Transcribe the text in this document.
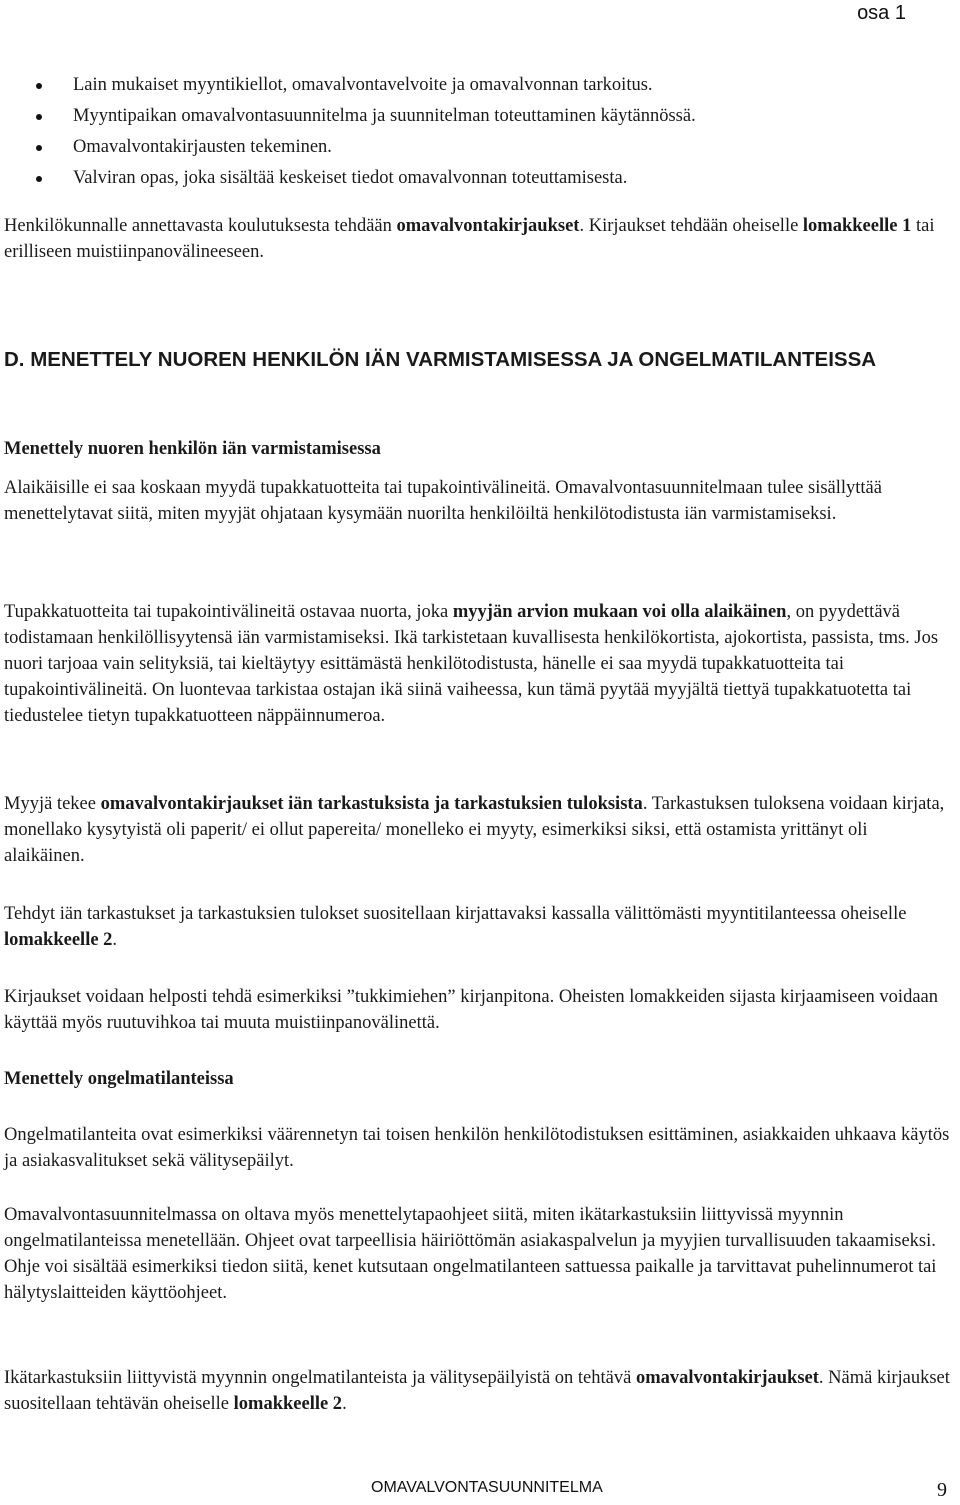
osa 1
Lain mukaiset myyntikiellot, omavalvontavelvoite ja omavalvonnan tarkoitus.
Myyntipaikan omavalvontasuunnitelma ja suunnitelman toteuttaminen käytännössä.
Omavalvontakirjausten tekeminen.
Valviran opas, joka sisältää keskeiset tiedot omavalvonnan toteuttamisesta.

Henkilökunnalle annettavasta koulutuksesta tehdään omavalvontakirjaukset. Kirjaukset tehdään oheiselle lomakkeelle 1 tai erilliseen muistiinpanovälineeseen.

D. MENETTELY NUOREN HENKILÖN IÄN VARMISTAMISESSA JA ONGELMATILANTEISSA

Menettely nuoren henkilön iän varmistamisessa

Alaikäisille ei saa koskaan myydä tupakkatuotteita tai tupakointivälineitä. Omavalvontasuunnitelmaan tulee sisällyttää menettelytavat siitä, miten myyjät ohjataan kysymään nuorilta henkilöiltä henkilötodistusta iän varmistamiseksi.

Tupakkatuotteita tai tupakointivälineitä ostavaa nuorta, joka myyjän arvion mukaan voi olla alaikäinen, on pyydettävä todistamaan henkilöllisyytensä iän varmistamiseksi. Ikä tarkistetaan kuvallisesta henkilökortista, ajokortista, passista, tms. Jos nuori tarjoaa vain selityksiä, tai kieltäytyy esittämästä henkilötodistusta, hänelle ei saa myydä tupakkatuotteita tai tupakointivälineitä. On luontevaa tarkistaa ostajan ikä siinä vaiheessa, kun tämä pyytää myyjältä tiettyä tupakkatuotetta tai tiedustelee tietyn tupakkatuotteen näppäinnumeroa.

Myyjä tekee omavalvontakirjaukset iän tarkastuksista ja tarkastuksien tuloksista. Tarkastuksen tuloksena voidaan kirjata, monellako kysytyistä oli paperit/ ei ollut papereita/ monelleko ei myyty, esimerkiksi siksi, että ostamista yrittänyt oli alaikäinen.

Tehdyt iän tarkastukset ja tarkastuksien tulokset suositellaan kirjattavaksi kassalla välittömästi myyntitilanteessa oheiselle lomakkeelle 2.

Kirjaukset voidaan helposti tehdä esimerkiksi ”tukkimiehen” kirjanpitona. Oheisten lomakkeiden sijasta kirjaamiseen voidaan käyttää myös ruutuvihkoa tai muuta muistiinpanovälinettä.

Menettely ongelmatilanteissa

Ongelmatilanteita ovat esimerkiksi väärennetyn tai toisen henkilön henkilötodistuksen esittäminen, asiakkaiden uhkaava käytös ja asiakasvalitukset sekä välitysepäilyt.

Omavalvontasuunnitelmassa on oltava myös menettelytapaohjeet siitä, miten ikätarkastuksiin liittyvissä myynnin ongelmatilanteissa menetellään. Ohjeet ovat tarpeellisia häiriöttömän asiakaspalvelun ja myyjien turvallisuuden takaamiseksi. Ohje voi sisältää esimerkiksi tiedon siitä, kenet kutsutaan ongelmatilanteen sattuessa paikalle ja tarvittavat puhelinnumerot tai hälytyslaitteiden käyttöohjeet.

Ikätarkastuksiin liittyvistä myynnin ongelmatilanteista ja välitysepäilyistä on tehtävä omavalvontakirjaukset. Nämä kirjaukset suositellaan tehtävän oheiselle lomakkeelle 2.

OMAVALVONTASUUNNITELMA	9
